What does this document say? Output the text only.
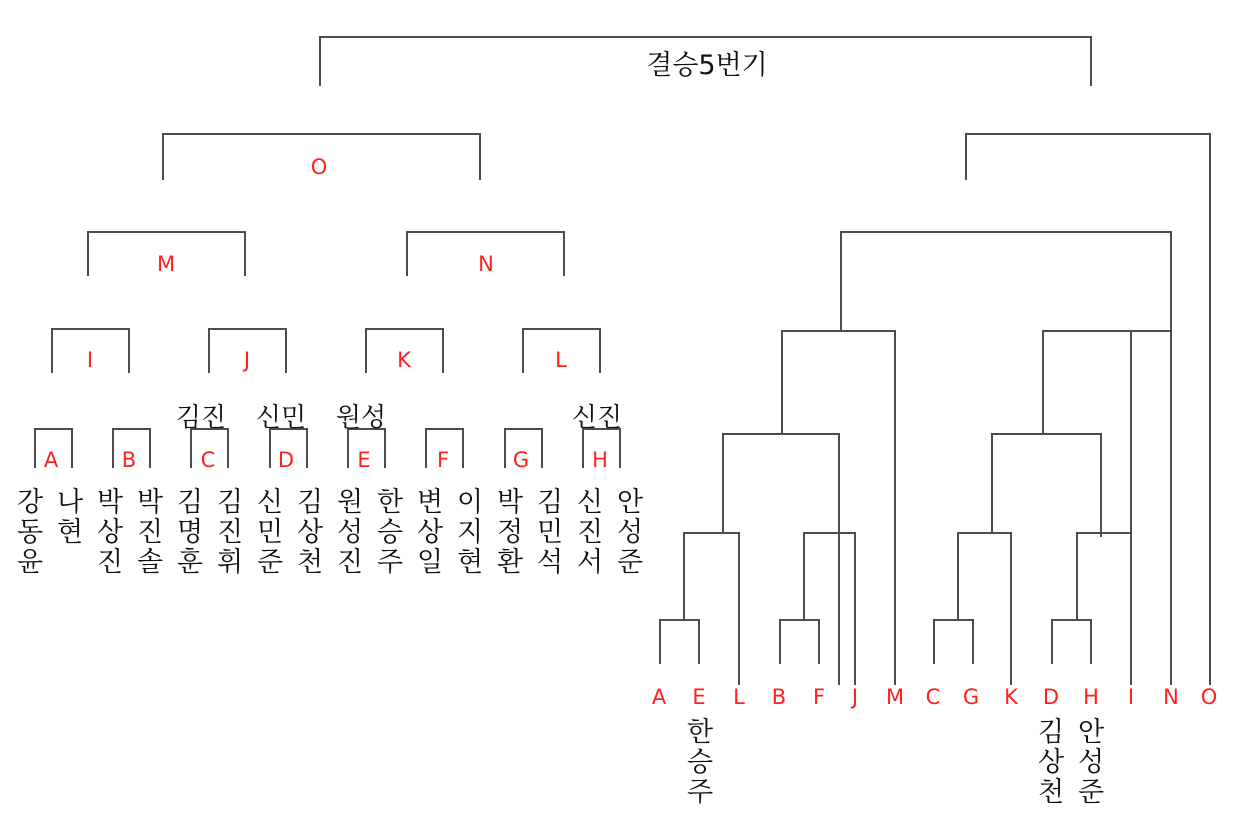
결승5번기
O
M	N
I	J	K	L
A	B	C	D	E	F	G	H
김진 신민 원성	신진
강
동
윤
나
현
박
상
진
박
진
솔
김
명
훈
김
진
휘
신
민
준
김
상
천
원
성
진
한
승
주
변
상
일
이
지
현
박
정
환
김
민
석
신
진
서
안
성
준
A E L B F J M C G K D H I N O
한
승
주
김
상
천
안
성
준
